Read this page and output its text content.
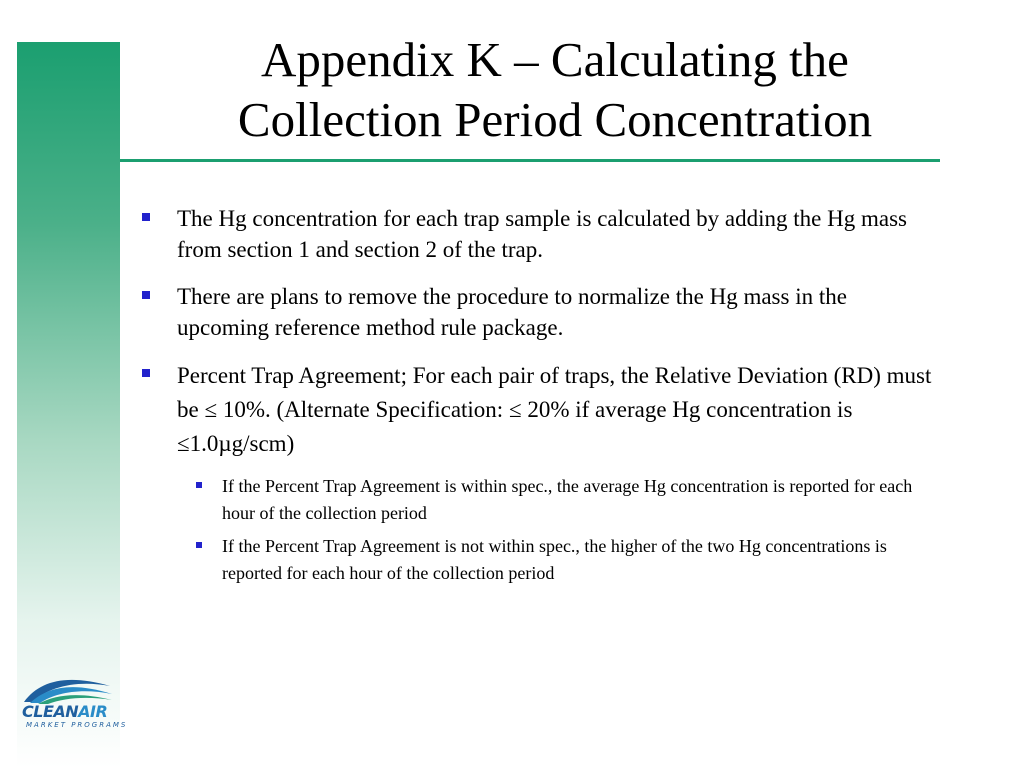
Appendix K – Calculating the
Collection Period Concentration
The Hg concentration for each trap sample is calculated by adding the Hg mass from section 1 and section 2 of the trap.
There are plans to remove the procedure to normalize the Hg mass in the upcoming reference method rule package.
Percent Trap Agreement; For each pair of traps, the Relative Deviation (RD) must be ≤ 10%. (Alternate Specification: ≤ 20% if average Hg concentration is ≤1.0µg/scm)
If the Percent Trap Agreement is within spec., the average Hg concentration is reported for each hour of the collection period
If the Percent Trap Agreement is not within spec., the higher of the two Hg concentrations is reported for each hour of the collection period
CLEANAIR
MARKET PROGRAMS
